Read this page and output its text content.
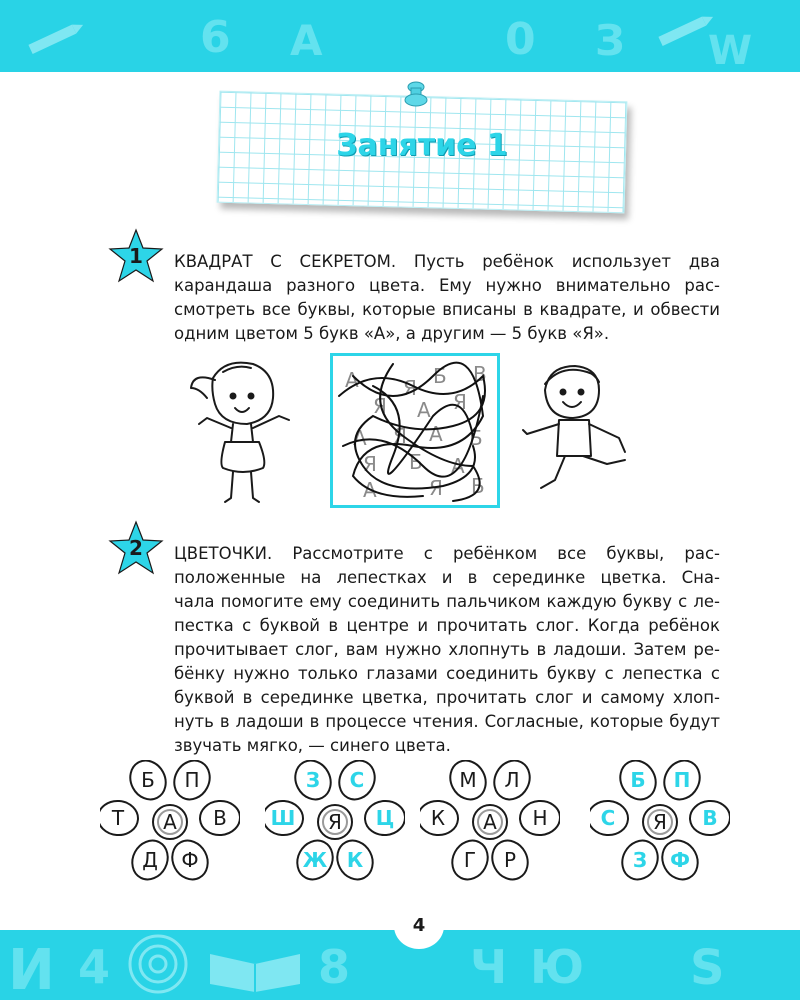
6 А	0 З W
Занятие 1
1	КВАДРАТ С СЕКРЕТОМ. Пусть ребёнок использует два
карандаша разного цвета. Ему нужно внимательно рас-
смотреть все буквы, которые вписаны в квадрате, и обвести
одним цветом 5 букв «А», а другим — 5 букв «Я».
А Я Б В
Я А Я
А Я А Б
Я Б
А	Я
А
Б
2	ЦВЕТОЧКИ. Рассмотрите с ребёнком все буквы, рас-
положенные на лепестках и в серединке цветка. Сна-
чала помогите ему соединить пальчиком каждую букву с ле-
пестка с буквой в центре и прочитать слог. Когда ребёнок
прочитывает слог, вам нужно хлопнуть в ладоши. Затем ре-
бёнку нужно только глазами соединить букву с лепестка с
буквой в серединке цветка, прочитать слог и самому хлоп-
нуть в ладоши в процессе чтения. Согласные, которые будут
звучать мягко, — синего цвета.
Б П
В
Ф
Д
Т А
З С
Ц
К
Ж
Ш Я
М Л
Н
Р
Г
К А
Б П
В
Ф
З
С Я
И 4	8	Ч Ю S
4
